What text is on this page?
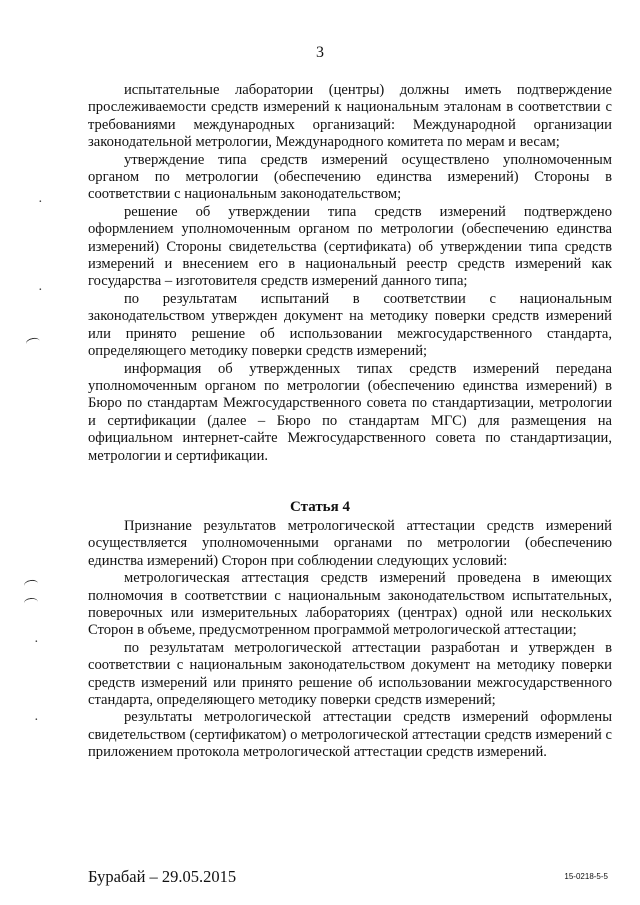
3

испытательные лаборатории (центры) должны иметь подтверждение прослеживаемости средств измерений к национальным эталонам в соответствии с требованиями международных организаций: Международной организации законодательной метрологии, Международного комитета по мерам и весам;

утверждение типа средств измерений осуществлено уполномоченным органом по метрологии (обеспечению единства измерений) Стороны в соответствии с национальным законодательством;

решение об утверждении типа средств измерений подтверждено оформлением уполномоченным органом по метрологии (обеспечению единства измерений) Стороны свидетельства (сертификата) об утверждении типа средств измерений и внесением его в национальный реестр средств измерений как государства – изготовителя средств измерений данного типа;

по результатам испытаний в соответствии с национальным законодательством утвержден документ на методику поверки средств измерений или принято решение об использовании межгосударственного стандарта, определяющего методику поверки средств измерений;

информация об утвержденных типах средств измерений передана уполномоченным органом по метрологии (обеспечению единства измерений) в Бюро по стандартам Межгосударственного совета по стандартизации, метрологии и сертификации (далее – Бюро по стандартам МГС) для размещения на официальном интернет-сайте Межгосударственного совета по стандартизации, метрологии и сертификации.

Статья 4

Признание результатов метрологической аттестации средств измерений осуществляется уполномоченными органами по метрологии (обеспечению единства измерений) Сторон при соблюдении следующих условий:

метрологическая аттестация средств измерений проведена в имеющих полномочия в соответствии с национальным законодательством испытательных, поверочных или измерительных лабораториях (центрах) одной или нескольких Сторон в объеме, предусмотренном программой метрологической аттестации;

по результатам метрологической аттестации разработан и утвержден в соответствии с национальным законодательством документ на методику поверки средств измерений или принято решение об использовании межгосударственного стандарта, определяющего методику поверки средств измерений;

результаты метрологической аттестации средств измерений оформлены свидетельством (сертификатом) о метрологической аттестации средств измерений с приложением протокола метрологической аттестации средств измерений.

·
·
·
·
Бурабай – 29.05.2015	15-0218-5-5
